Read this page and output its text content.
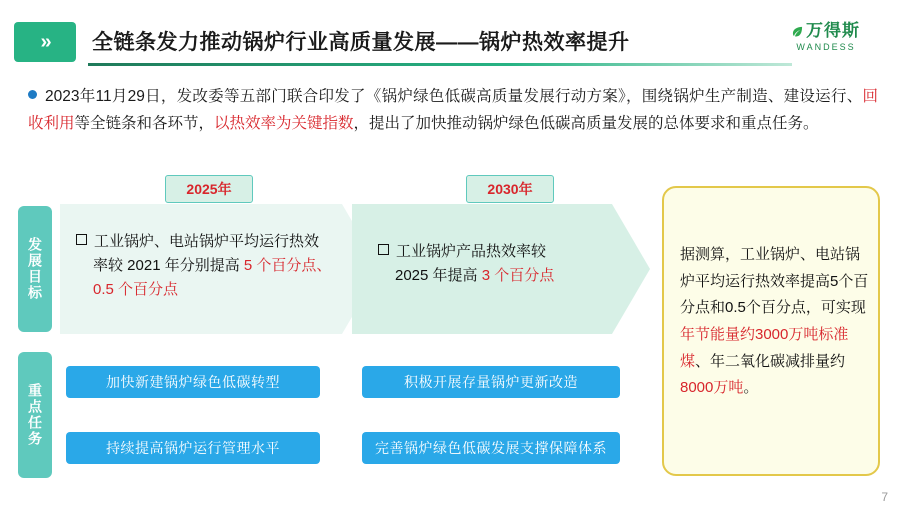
» 全链条发力推动锅炉行业高质量发展——锅炉热效率提升
万得斯
WANDESS
2023年11月29日，发改委等五部门联合印发了《锅炉绿色低碳高质量发展行动方案》，围绕锅炉生产制造、建设运行、回收利用等全链条和各环节，以热效率为关键指数，提出了加快推动锅炉绿色低碳高质量发展的总体要求和重点任务。
发展目标
重点任务
2025年	2030年
工业锅炉、电站锅炉平均运行热效
率较 2021 年分别提高 5 个百分点、
0.5 个百分点
工业锅炉产品热效率较
2025 年提高 3 个百分点
加快新建锅炉绿色低碳转型	积极开展存量锅炉更新改造
持续提高锅炉运行管理水平	完善锅炉绿色低碳发展支撑保障体系
据测算，工业锅炉、电站锅炉平均运行热效率提高5个百分点和0.5个百分点，可实现年节能量约3000万吨标准煤、年二氧化碳减排量约8000万吨。
7
